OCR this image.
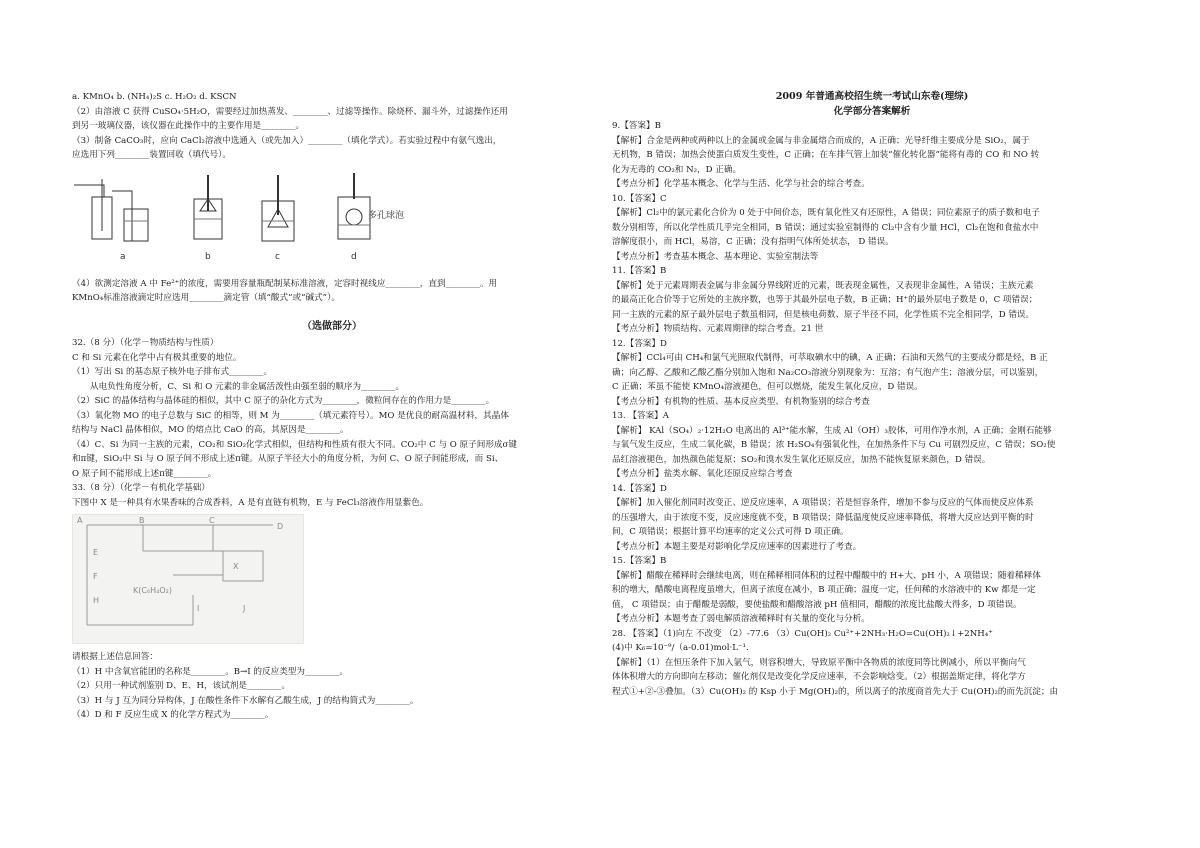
a. KMnO₄ b. (NH₄)₂S c. H₂O₂ d. KSCN
（2）由溶液 C 获得 CuSO₄·5H₂O，需要经过加热蒸发、________、过滤等操作。除烧杯、漏斗外，过滤操作还用
到另一玻璃仪器，该仪器在此操作中的主要作用是________。
（3）制备 CaCO₃时，应向 CaCl₂溶液中选通入（或先加入）________（填化学式）。若实验过程中有氨气逸出，
应选用下列________装置回收（填代号）。
a	b	c	d
多孔球泡
（4）欲测定溶液 A 中 Fe²⁺的浓度，需要用容量瓶配制某标准溶液，定容时视线应________，直到________。用
KMnO₄标准溶液滴定时应选用________滴定管（填“酸式”或“碱式”）。
（选做部分）
32.（8 分）（化学－物质结构与性质）
C 和 Si 元素在化学中占有极其重要的地位。
（1）写出 Si 的基态原子核外电子排布式________。
从电负性角度分析，C、Si 和 O 元素的非金属活泼性由强至弱的顺序为________。
（2）SiC 的晶体结构与晶体硅的相似，其中 C 原子的杂化方式为________，微粒间存在的作用力是________。
（3）氧化物 MO 的电子总数与 SiC 的相等，则 M 为________（填元素符号）。MO 是优良的耐高温材料，其晶体
结构与 NaCl 晶体相似，MO 的熔点比 CaO 的高，其原因是________。
（4）C、Si 为同一主族的元素，CO₂和 SiO₂化学式相似，但结构和性质有很大不同。CO₂中 C 与 O 原子间形成σ键
和π键，SiO₂中 Si 与 O 原子间不形成上述π键。从原子半径大小的角度分析，为何 C、O 原子间能形成，而 Si、
O 原子间不能形成上述π键________。
33.（8 分）（化学－有机化学基础）
下图中 X 是一种具有水果香味的合成香料，A 是有直链有机物，E 与 FeCl₃溶液作用显紫色。
A	B	C
D
E
F
X
H
I	J
K(C₆H₄O₂)
请根据上述信息回答：
（1）H 中含氧官能团的名称是________。B→I 的反应类型为________。
（2）只用一种试剂鉴别 D、E、H，该试剂是________。
（3）H 与 J 互为同分异构体，J 在酸性条件下水解有乙酸生成，J 的结构简式为________。
（4）D 和 F 反应生成 X 的化学方程式为________。
2009 年普通高校招生统一考试山东卷(理综)
化学部分答案解析
9.【答案】B
【解析】合金是两种或两种以上的金属或金属与非金属熔合而成的，A 正确；光导纤维主要成分是 SiO₂，属于
无机物，B 错误；加热会使蛋白质发生变性，C 正确；在车排气管上加装“催化转化器”能将有毒的 CO 和 NO 转
化为无毒的 CO₂和 N₂，D 正确。
【考点分析】化学基本概念、化学与生活、化学与社会的综合考查。
10.【答案】C
【解析】Cl₂中的氯元素化合价为 0 处于中间价态，既有氧化性又有还原性，A 错误；同位素原子的质子数和电子
数分别相等，所以化学性质几乎完全相同，B 错误；通过实验室制得的 Cl₂中含有少量 HCl，Cl₂在饱和食盐水中
溶解度很小，而 HCl，易溶，C 正确；没有指明气体所处状态， D 错误。
【考点分析】考查基本概念、基本理论、实验室制法等
11.【答案】B
【解析】处于元素周期表金属与非金属分界线附近的元素，既表现金属性，又表现非金属性，A 错误；主族元素
的最高正化合价等于它所处的主族序数，也等于其最外层电子数，B 正确；H⁺的最外层电子数是 0，C 项错误；
同一主族的元素的原子最外层电子数虽相同，但是核电荷数、原子半径不同，化学性质不完全相同学，D 错误。
【考点分析】物质结构、元素周期律的综合考查。21 世
12.【答案】D
【解析】CCl₄可由 CH₄和氯气光照取代制得，可萃取碘水中的碘，A 正确；石油和天然气的主要成分都是烃，B 正
确；向乙醇、乙酸和乙酸乙酯分别加入饱和 Na₂CO₃溶液分别现象为：互溶；有气泡产生；溶液分层，可以鉴别，
C 正确；苯虽不能使 KMnO₄溶液褪色，但可以燃烧，能发生氧化反应，D 错误。
【考点分析】有机物的性质、基本反应类型、有机物鉴别的综合考查
13. 【答案】A
【解析】 KAl（SO₄）₂·12H₂O 电离出的 Al³⁺能水解，生成 Al（OH）₃胶体，可用作净水剂，A 正确；金刚石能够
与氧气发生反应，生成二氧化碳，B 错误；浓 H₂SO₄有强氧化性，在加热条件下与 Cu 可剧烈反应，C 错误；SO₂使
品红溶液褪色，加热颜色能复原；SO₂和溴水发生氧化还原反应，加热不能恢复原来颜色，D 错误。
【考点分析】盐类水解、氧化还原反应综合考查
14.【答案】D
【解析】加入催化剂同时改变正、逆反应速率，A 项错误；若是恒容条件，增加不参与反应的气体而使反应体系
的压强增大，由于浓度不变，反应速度就不变，B 项错误；降低温度使反应速率降低，将增大反应达到平衡的时
间，C 项错误；根据计算平均速率的定义公式可得 D 项正确。
【考点分析】本题主要是对影响化学反应速率的因素进行了考查。
15.【答案】B
【解析】醋酸在稀释时会继续电离，则在稀释相同体积的过程中醋酸中的 H+大、pH 小，A 项错误；随着稀释体
积的增大，醋酸电离程度虽增大，但离子浓度在减小，B 项正确；温度一定，任何稀的水溶液中的 Kw 都是一定
值， C 项错误；由于醋酸是弱酸，要使盐酸和醋酸溶液 pH 值相同，醋酸的浓度比盐酸大得多，D 项错误。
【考点分析】本题考查了弱电解质溶液稀释时有关量的变化与分析。
28. 【答案】（1)向左 不改变 （2）-77.6 （3）Cu(OH)₂ Cu²⁺+2NH₃·H₂O=Cu(OH)₂↓+2NH₄⁺
(4)中 K₆=10⁻⁹/（a-0.01)mol·L⁻¹.
【解析】（1）在恒压条件下加入氩气，则容积增大，导致原平衡中各物质的浓度同等比例减小，所以平衡向气
体体积增大的方向即向左移动；催化剂仅是改变化学反应速率，不会影响焓变。（2）根据盖斯定律，将化学方
程式①+②-③叠加。（3）Cu(OH)₂ 的 Ksp 小于 Mg(OH)₂的，所以离子的浓度商首先大于 Cu(OH)₂的而先沉淀；由
